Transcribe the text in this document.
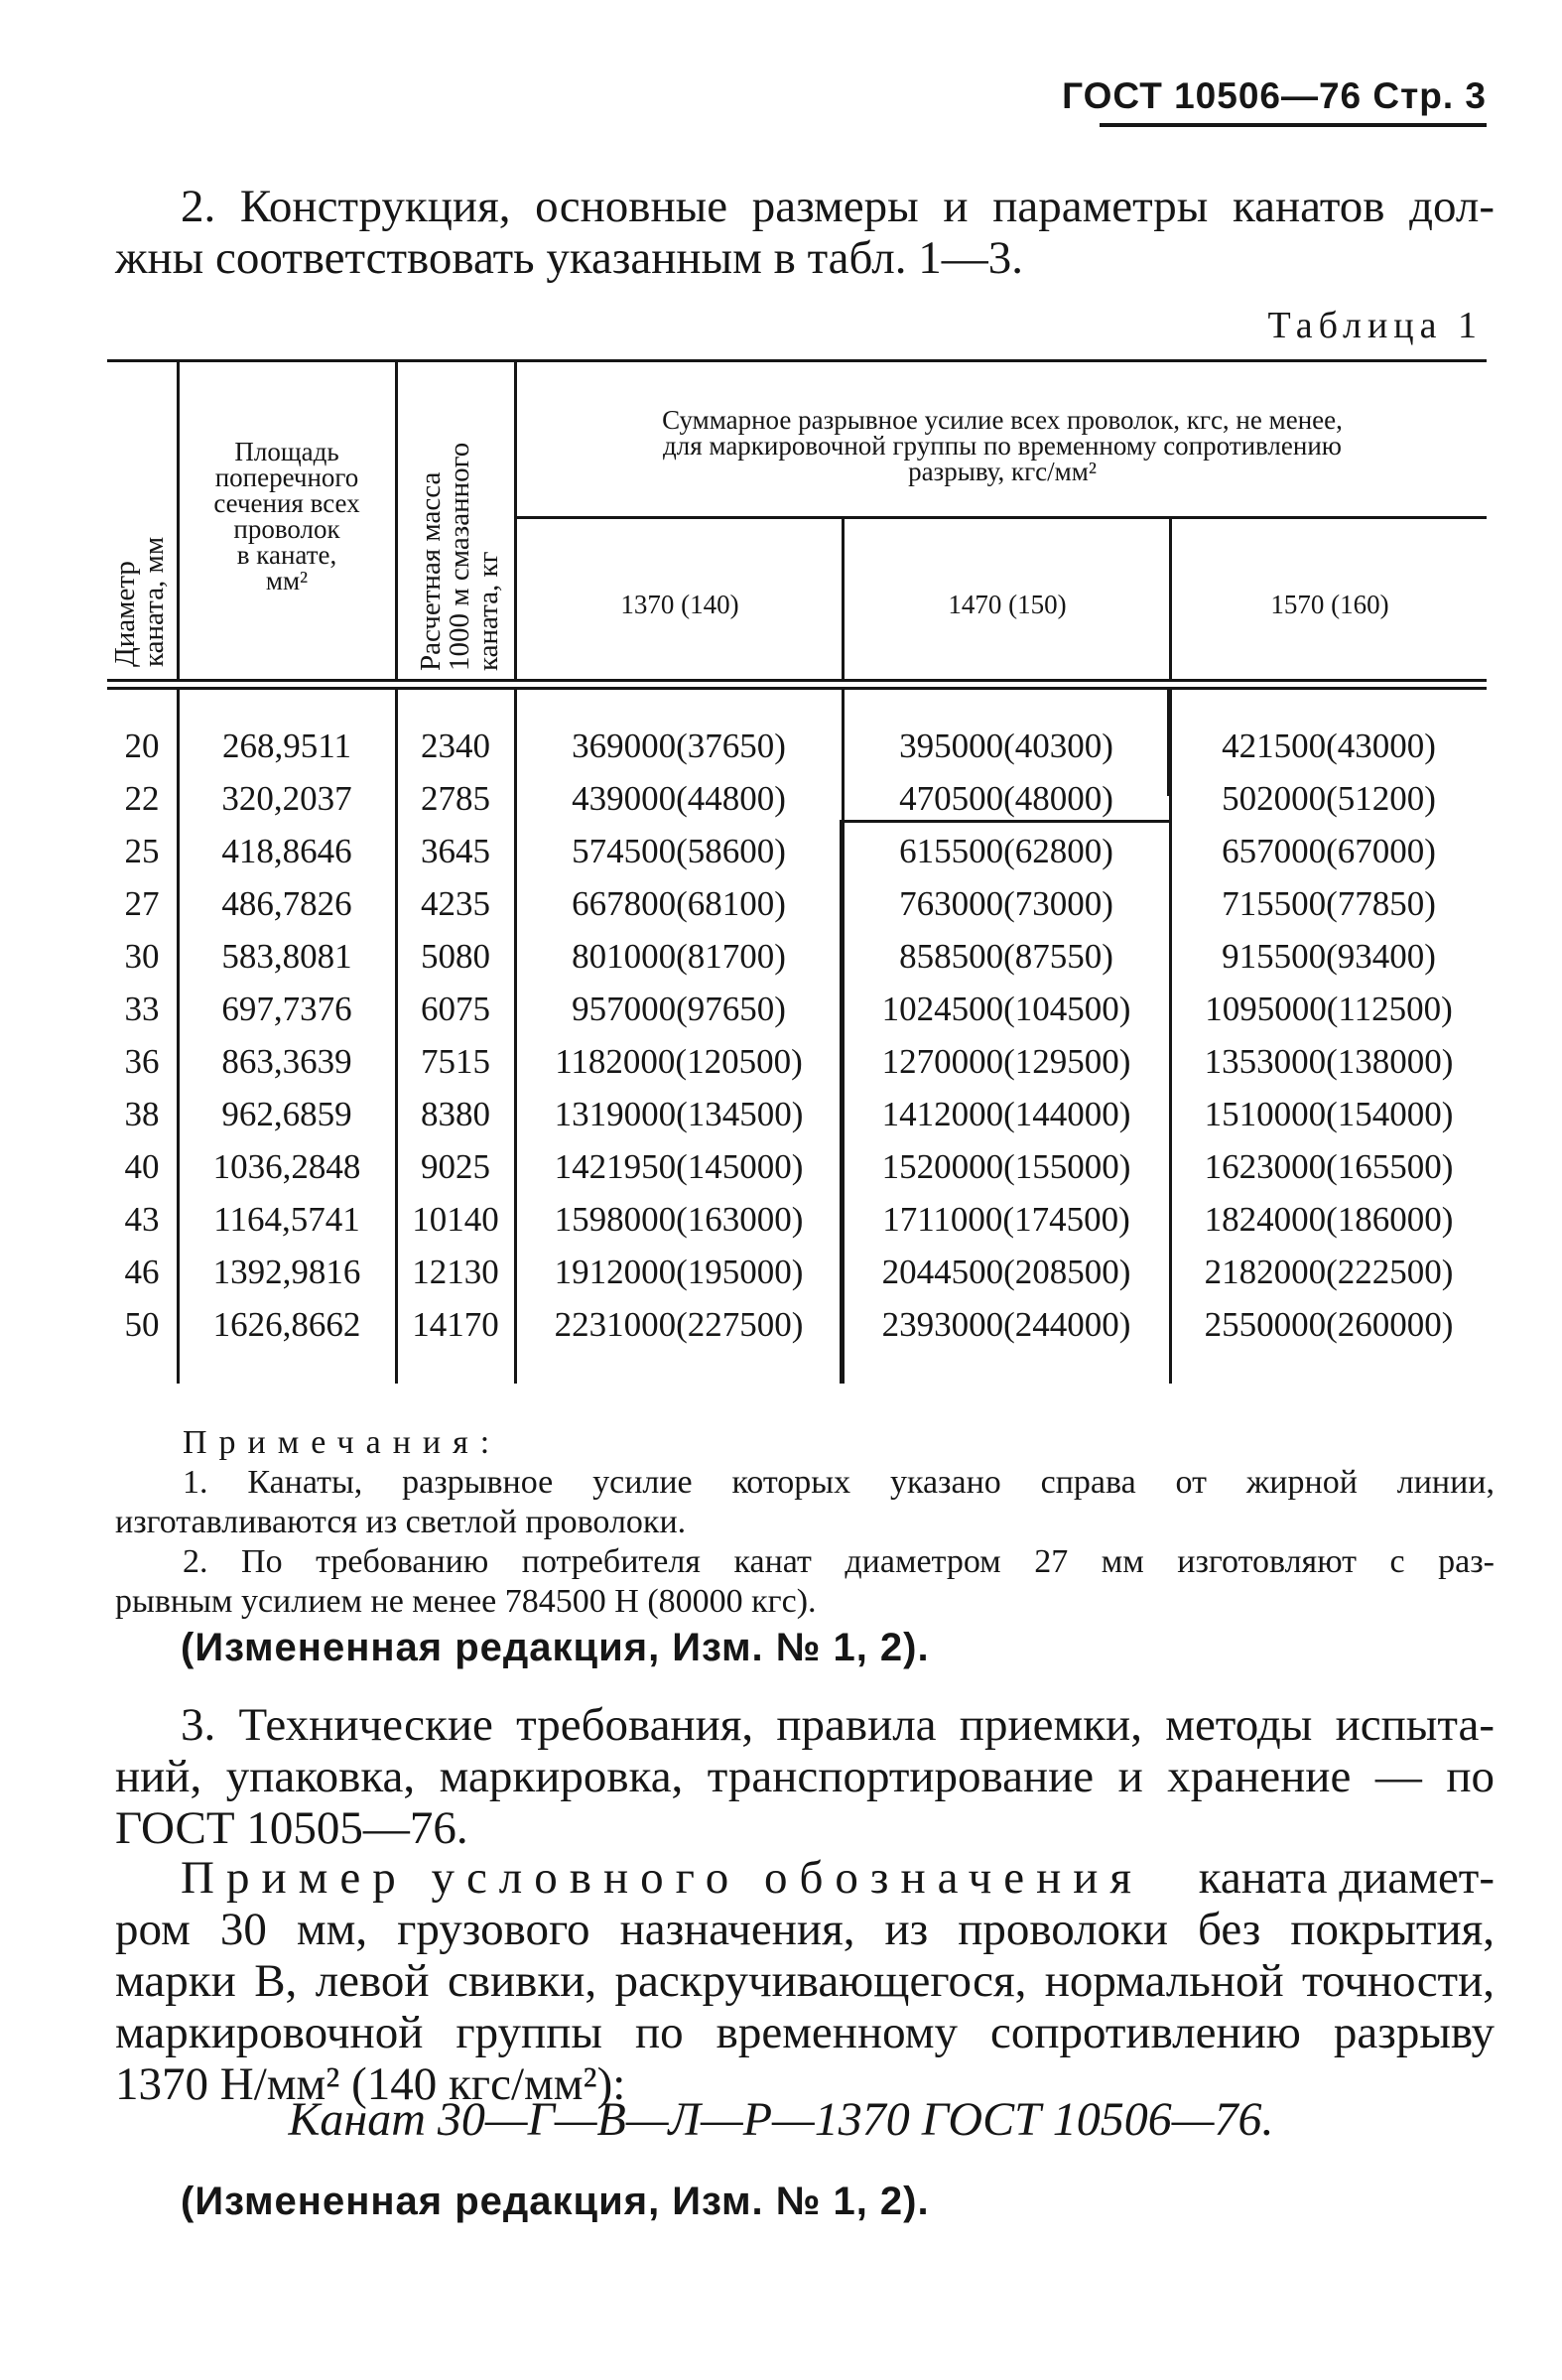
ГОСТ 10506—76 Стр. 3
2. Конструкция, основные размеры и параметры канатов дол-
жны соответствовать указанным в табл. 1—3.
Таблица 1
Диаметр
каната, мм
Площадь
поперечного
сечения всех
проволок
в канате,
мм²	Расчетная масса
1000 м смазанного
каната, кг
Суммарное разрывное усилие всех проволок, кгс, не менее,
для маркировочной группы по временному сопротивлению
разрыву, кгс/мм²
1370 (140)	1470 (150)	1570 (160)
20	268,9511	2340	369000(37650)	395000(40300)	421500(43000)
22	320,2037	2785	439000(44800)	470500(48000)	502000(51200)
25	418,8646	3645	574500(58600)	615500(62800)	657000(67000)
27	486,7826	4235	667800(68100)	763000(73000)	715500(77850)
30	583,8081	5080	801000(81700)	858500(87550)	915500(93400)
33	697,7376	6075	957000(97650)	1024500(104500)	1095000(112500)
36	863,3639	7515	1182000(120500)	1270000(129500)	1353000(138000)
38	962,6859	8380	1319000(134500)	1412000(144000)	1510000(154000)
40	1036,2848	9025	1421950(145000)	1520000(155000)	1623000(165500)
43	1164,5741	10140	1598000(163000)	1711000(174500)	1824000(186000)
46	1392,9816	12130	1912000(195000)	2044500(208500)	2182000(222500)
50	1626,8662	14170	2231000(227500)	2393000(244000)	2550000(260000)
Примечания:
1. Канаты, разрывное усилие которых указано справа от жирной линии,
изготавливаются из светлой проволоки.
2. По требованию потребителя канат диаметром 27 мм изготовляют с раз-
рывным усилием не менее 784500 Н (80000 кгс).
(Измененная редакция, Изм. № 1, 2).
3. Технические требования, правила приемки, методы испыта-
ний, упаковка, маркировка, транспортирование и хранение — по
ГОСТ 10505—76.
Пример условного обозначения каната диамет-
ром 30 мм, грузового назначения, из проволоки без покрытия,
марки В, левой свивки, раскручивающегося, нормальной точности,
маркировочной группы по временному сопротивлению разрыву
1370 Н/мм² (140 кгс/мм²):
Канат 30—Г—В—Л—Р—1370 ГОСТ 10506—76.
(Измененная редакция, Изм. № 1, 2).
